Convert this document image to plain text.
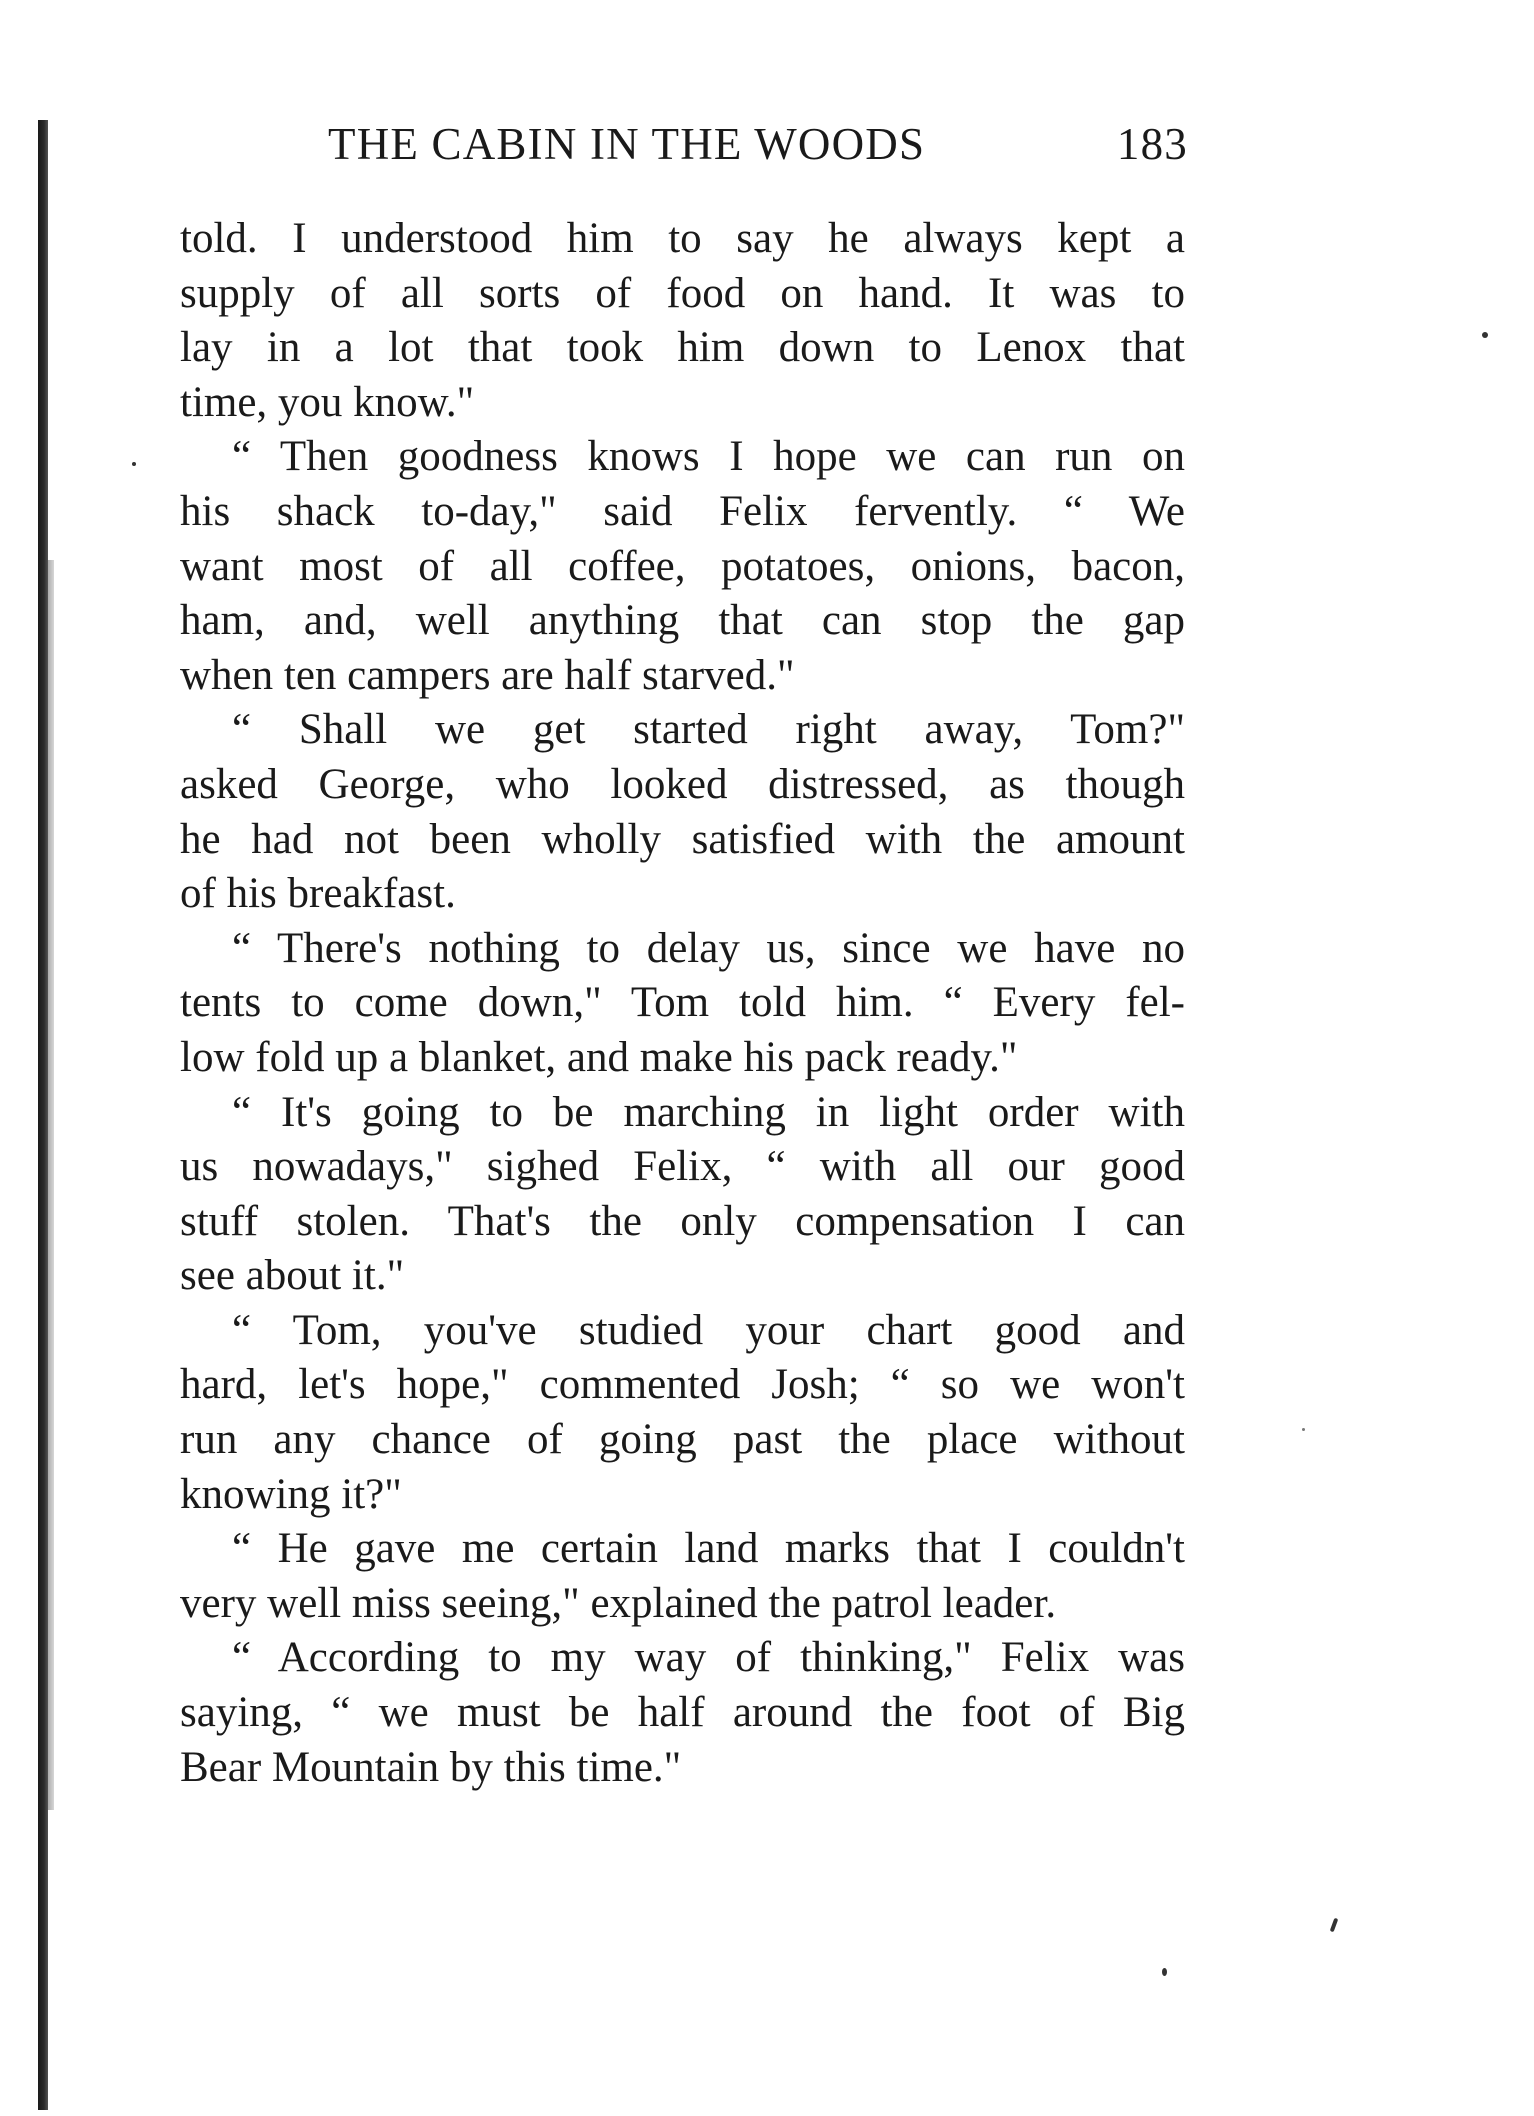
THE CABIN IN THE WOODS	183
told. I understood him to say he always kept a
supply of all sorts of food on hand. It was to
lay in a lot that took him down to Lenox that
time, you know."
“ Then goodness knows I hope we can run on
his shack to-day," said Felix fervently. “ We
want most of all coffee, potatoes, onions, bacon,
ham, and, well anything that can stop the gap
when ten campers are half starved."
“ Shall we get started right away, Tom?"
asked George, who looked distressed, as though
he had not been wholly satisfied with the amount
of his breakfast.
“ There's nothing to delay us, since we have no
tents to come down," Tom told him. “ Every fel-
low fold up a blanket, and make his pack ready."
“ It's going to be marching in light order with
us nowadays," sighed Felix, “ with all our good
stuff stolen. That's the only compensation I can
see about it."
“ Tom, you've studied your chart good and
hard, let's hope," commented Josh; “ so we won't
run any chance of going past the place without
knowing it?"
“ He gave me certain land marks that I couldn't
very well miss seeing," explained the patrol leader.
“ According to my way of thinking," Felix was
saying, “ we must be half around the foot of Big
Bear Mountain by this time."
